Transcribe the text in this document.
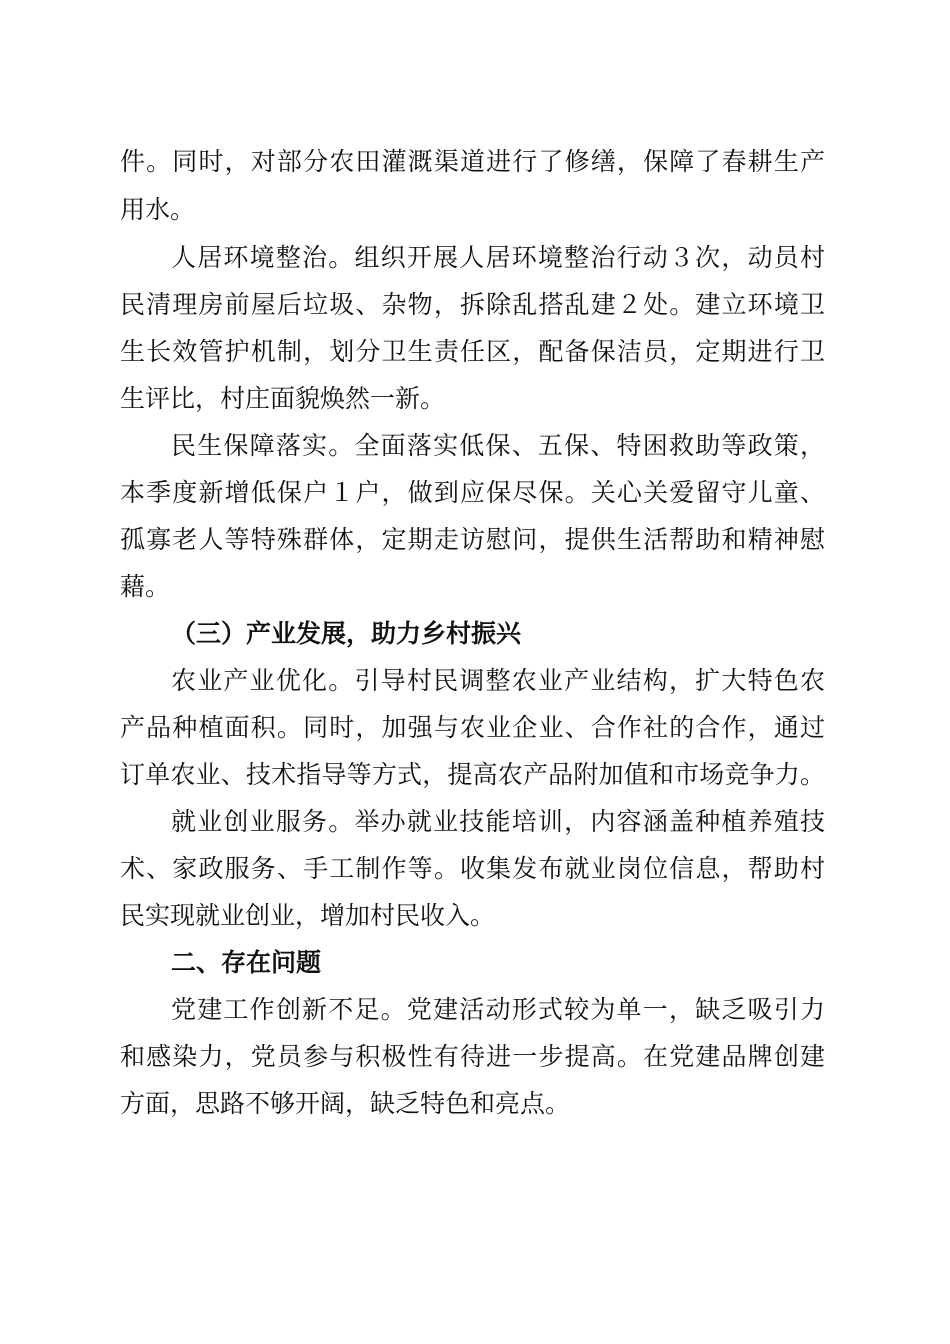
件。同时，对部分农田灌溉渠道进行了修缮，保障了春耕生产
用水。
人居环境整治。组织开展人居环境整治行动３次，动员村
民清理房前屋后垃圾、杂物，拆除乱搭乱建２处。建立环境卫
生长效管护机制，划分卫生责任区，配备保洁员，定期进行卫
生评比，村庄面貌焕然一新。
民生保障落实。全面落实低保、五保、特困救助等政策，
本季度新增低保户１户，做到应保尽保。关心关爱留守儿童、
孤寡老人等特殊群体，定期走访慰问，提供生活帮助和精神慰
藉。
（三）产业发展，助力乡村振兴
农业产业优化。引导村民调整农业产业结构，扩大特色农
产品种植面积。同时，加强与农业企业、合作社的合作，通过
订单农业、技术指导等方式，提高农产品附加值和市场竞争力。
就业创业服务。举办就业技能培训，内容涵盖种植养殖技
术、家政服务、手工制作等。收集发布就业岗位信息，帮助村
民实现就业创业，增加村民收入。
二、存在问题
党建工作创新不足。党建活动形式较为单一，缺乏吸引力
和感染力，党员参与积极性有待进一步提高。在党建品牌创建
方面，思路不够开阔，缺乏特色和亮点。
